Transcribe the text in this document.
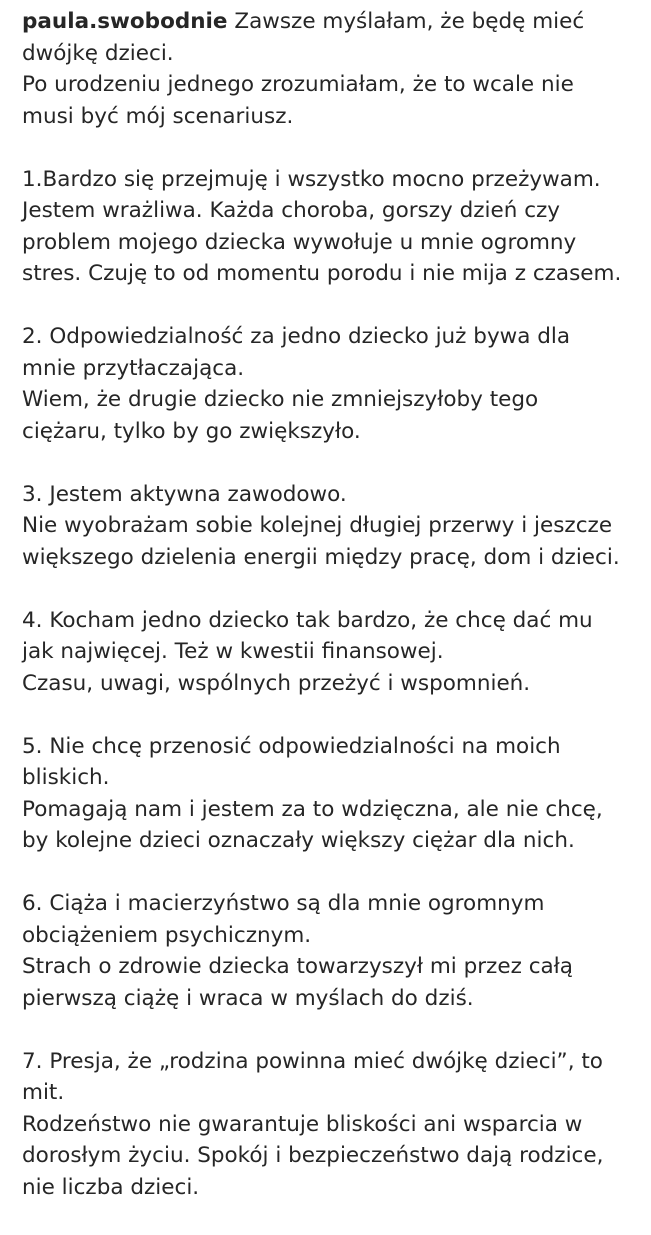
paula.swobodnie Zawsze myślałam, że będę mieć
dwójkę dzieci.
Po urodzeniu jednego zrozumiałam, że to wcale nie
musi być mój scenariusz.
1.Bardzo się przejmuję i wszystko mocno przeżywam.
Jestem wrażliwa. Każda choroba, gorszy dzień czy
problem mojego dziecka wywołuje u mnie ogromny
stres. Czuję to od momentu porodu i nie mija z czasem.
2. Odpowiedzialność za jedno dziecko już bywa dla
mnie przytłaczająca.
Wiem, że drugie dziecko nie zmniejszyłoby tego
ciężaru, tylko by go zwiększyło.
3. Jestem aktywna zawodowo.
Nie wyobrażam sobie kolejnej długiej przerwy i jeszcze
większego dzielenia energii między pracę, dom i dzieci.
4. Kocham jedno dziecko tak bardzo, że chcę dać mu
jak najwięcej. Też w kwestii finansowej.
Czasu, uwagi, wspólnych przeżyć i wspomnień.
5. Nie chcę przenosić odpowiedzialności na moich
bliskich.
Pomagają nam i jestem za to wdzięczna, ale nie chcę,
by kolejne dzieci oznaczały większy ciężar dla nich.
6. Ciąża i macierzyństwo są dla mnie ogromnym
obciążeniem psychicznym.
Strach o zdrowie dziecka towarzyszył mi przez całą
pierwszą ciążę i wraca w myślach do dziś.
7. Presja, że „rodzina powinna mieć dwójkę dzieci”, to
mit.
Rodzeństwo nie gwarantuje bliskości ani wsparcia w
dorosłym życiu. Spokój i bezpieczeństwo dają rodzice,
nie liczba dzieci.
